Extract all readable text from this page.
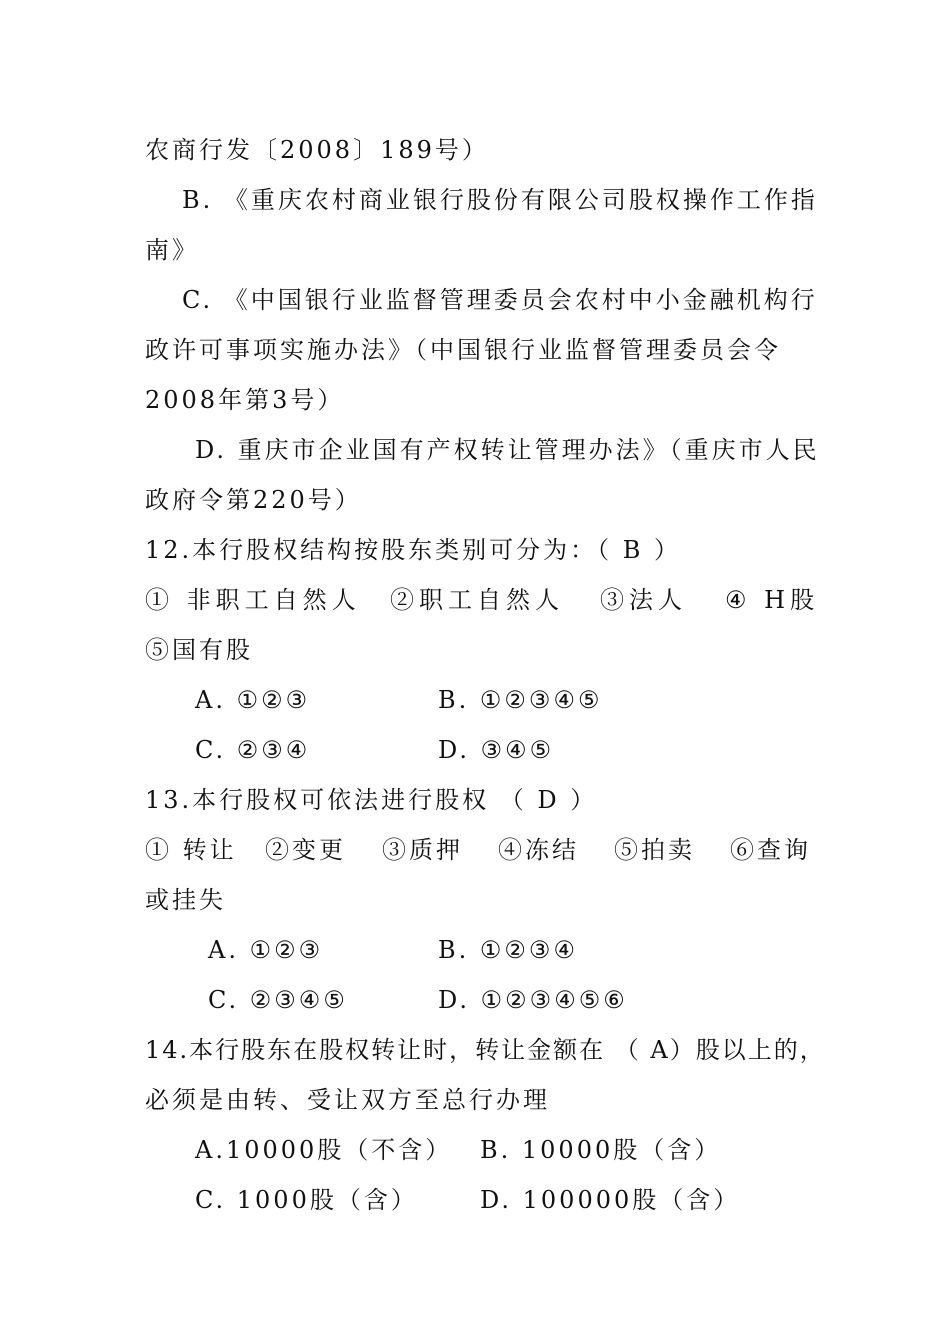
农商行发〔2008〕189号）
B. 《重庆农村商业银行股份有限公司股权操作工作指
南》
C. 《中国银行业监督管理委员会农村中小金融机构行
政许可事项实施办法》（中国银行业监督管理委员会令
2008年第3号）
D. 重庆市企业国有产权转让管理办法》（重庆市人民
政府令第220号）
12.本行股权结构按股东类别可分为：（ B ）
① 非职工自然人 ②职工自然人 ③法人 ④ H股
⑤国有股
A. ①②③	B. ①②③④⑤
C. ②③④	D. ③④⑤
13.本行股权可依法进行股权 （ D ）
① 转让 ②变更 ③质押 ④冻结 ⑤拍卖 ⑥查询
或挂失
A. ①②③	B. ①②③④
C. ②③④⑤	D. ①②③④⑤⑥
14.本行股东在股权转让时，转让金额在 （ A）股以上的，
必须是由转、受让双方至总行办理
A.10000股（不含） B. 10000股（含）
C. 1000股（含）	D. 100000股（含）
